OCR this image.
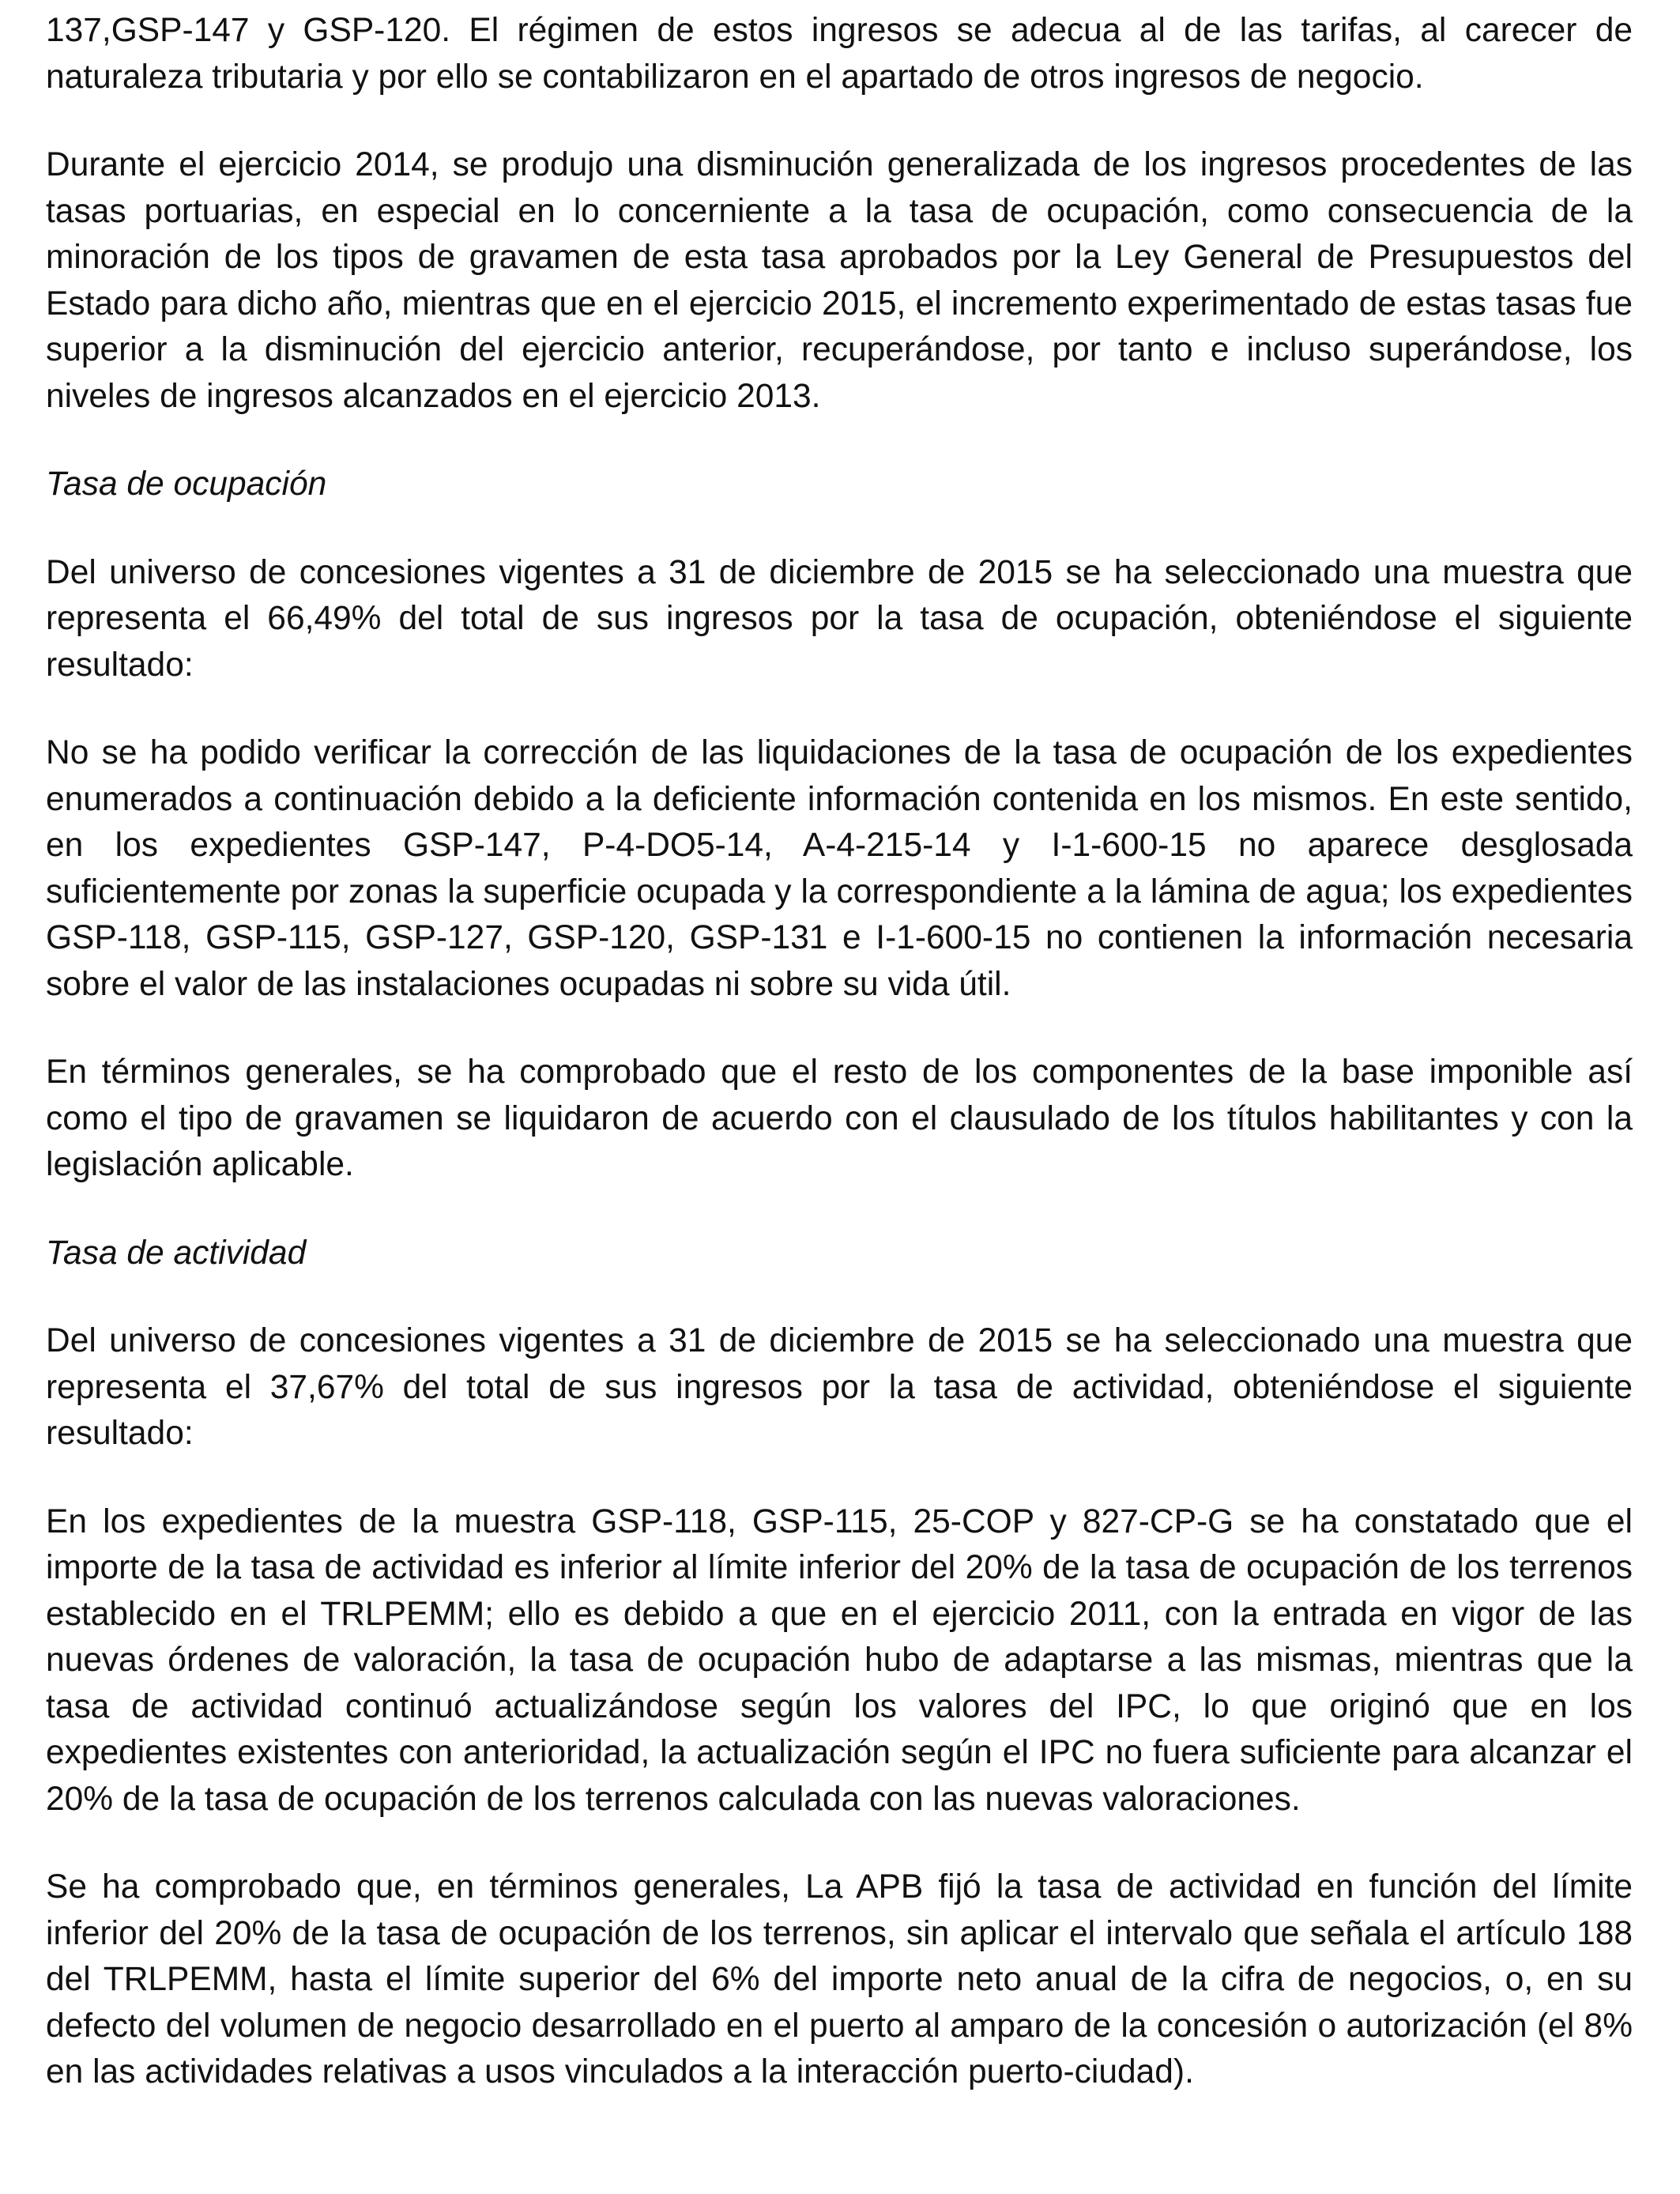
137,GSP-147 y GSP-120. El régimen de estos ingresos se adecua al de las tarifas, al carecer de naturaleza tributaria y por ello se contabilizaron en el apartado de otros ingresos de negocio.

Durante el ejercicio 2014, se produjo una disminución generalizada de los ingresos procedentes de las tasas portuarias, en especial en lo concerniente a la tasa de ocupación, como consecuencia de la minoración de los tipos de gravamen de esta tasa aprobados por la Ley General de Presupuestos del Estado para dicho año, mientras que en el ejercicio 2015, el incremento experimentado de estas tasas fue superior a la disminución del ejercicio anterior, recuperándose, por tanto e incluso superándose, los niveles de ingresos alcanzados en el ejercicio 2013.

Tasa de ocupación

Del universo de concesiones vigentes a 31 de diciembre de 2015 se ha seleccionado una muestra que representa el 66,49% del total de sus ingresos por la tasa de ocupación, obteniéndose el siguiente resultado:

No se ha podido verificar la corrección de las liquidaciones de la tasa de ocupación de los expedientes enumerados a continuación debido a la deficiente información contenida en los mismos. En este sentido, en los expedientes GSP-147, P-4-DO5-14, A-4-215-14 y I-1-600-15 no aparece desglosada suficientemente por zonas la superficie ocupada y la correspondiente a la lámina de agua; los expedientes GSP-118, GSP-115, GSP-127, GSP-120, GSP-131 e I-1-600-15 no contienen la información necesaria sobre el valor de las instalaciones ocupadas ni sobre su vida útil.

En términos generales, se ha comprobado que el resto de los componentes de la base imponible así como el tipo de gravamen se liquidaron de acuerdo con el clausulado de los títulos habilitantes y con la legislación aplicable.

Tasa de actividad

Del universo de concesiones vigentes a 31 de diciembre de 2015 se ha seleccionado una muestra que representa el 37,67% del total de sus ingresos por la tasa de actividad, obteniéndose el siguiente resultado:

En los expedientes de la muestra GSP-118, GSP-115, 25-COP y 827-CP-G se ha constatado que el importe de la tasa de actividad es inferior al límite inferior del 20% de la tasa de ocupación de los terrenos establecido en el TRLPEMM; ello es debido a que en el ejercicio 2011, con la entrada en vigor de las nuevas órdenes de valoración, la tasa de ocupación hubo de adaptarse a las mismas, mientras que la tasa de actividad continuó actualizándose según los valores del IPC, lo que originó que en los expedientes existentes con anterioridad, la actualización según el IPC no fuera suficiente para alcanzar el 20% de la tasa de ocupación de los terrenos calculada con las nuevas valoraciones.

Se ha comprobado que, en términos generales, La APB fijó la tasa de actividad en función del límite inferior del 20% de la tasa de ocupación de los terrenos, sin aplicar el intervalo que señala el artículo 188 del TRLPEMM, hasta el límite superior del 6% del importe neto anual de la cifra de negocios, o, en su defecto del volumen de negocio desarrollado en el puerto al amparo de la concesión o autorización (el 8% en las actividades relativas a usos vinculados a la interacción puerto-ciudad).
